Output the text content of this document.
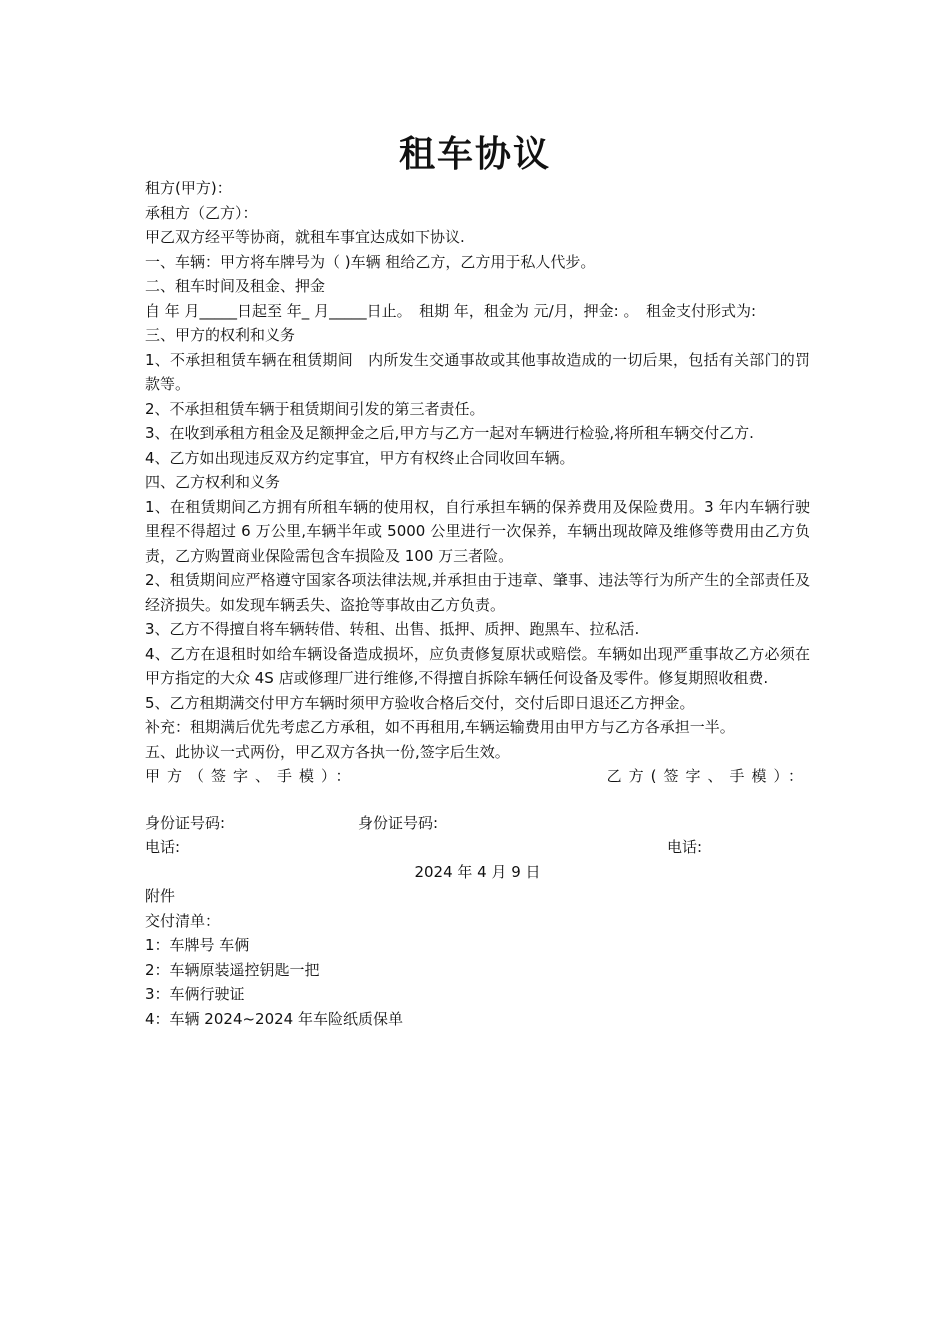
租车协议
租方(甲方)：
承租方（乙方）：
甲乙双方经平等协商，就租车事宜达成如下协议.
一、车辆：甲方将车牌号为（ )车辆 租给乙方，乙方用于私人代步。
二、租车时间及租金、押金
自 年 月_____日起至 年_ 月_____日止。　租期 年，租金为 元/月，押金: 。　租金支付形式为:
三、甲方的权利和义务
1、不承担租赁车辆在租赁期间　内所发生交通事故或其他事故造成的一切后果，包括有关部门的罚款等。
2、不承担租赁车辆于租赁期间引发的第三者责任。
3、在收到承租方租金及足额押金之后,甲方与乙方一起对车辆进行检验,将所租车辆交付乙方.
4、乙方如出现违反双方约定事宜，甲方有权终止合同收回车辆。
四、乙方权利和义务
1、在租赁期间乙方拥有所租车辆的使用权，自行承担车辆的保养费用及保险费用。3 年内车辆行驶里程不得超过 6 万公里,车辆半年或 5000 公里进行一次保养，车辆出现故障及维修等费用由乙方负责，乙方购置商业保险需包含车损险及 100 万三者险。
2、租赁期间应严格遵守国家各项法律法规,并承担由于违章、肇事、违法等行为所产生的全部责任及经济损失。如发现车辆丢失、盗抢等事故由乙方负责。
3、乙方不得擅自将车辆转借、转租、出售、抵押、质押、跑黑车、拉私活.
4、乙方在退租时如给车辆设备造成损坏，应负责修复原状或赔偿。车辆如出现严重事故乙方必须在甲方指定的大众 4S 店或修理厂进行维修,不得擅自拆除车辆任何设备及零件。修复期照收租费.
5、乙方租期满交付甲方车辆时须甲方验收合格后交付，交付后即日退还乙方押金。
补充：租期满后优先考虑乙方承租，如不再租用,车辆运输费用由甲方与乙方各承担一半。
五、此协议一式两份，甲乙双方各执一份,签字后生效。
甲方（签字、手模）：	乙方(签字、手模）：
身份证号码:	身份证号码:
电话:	电话:
2024 年 4 月 9 日
附件
交付清单：
1：车牌号 车俩
2：车辆原装遥控钥匙一把
3：车俩行驶证
4：车辆 2024~2024 年车险纸质保单
